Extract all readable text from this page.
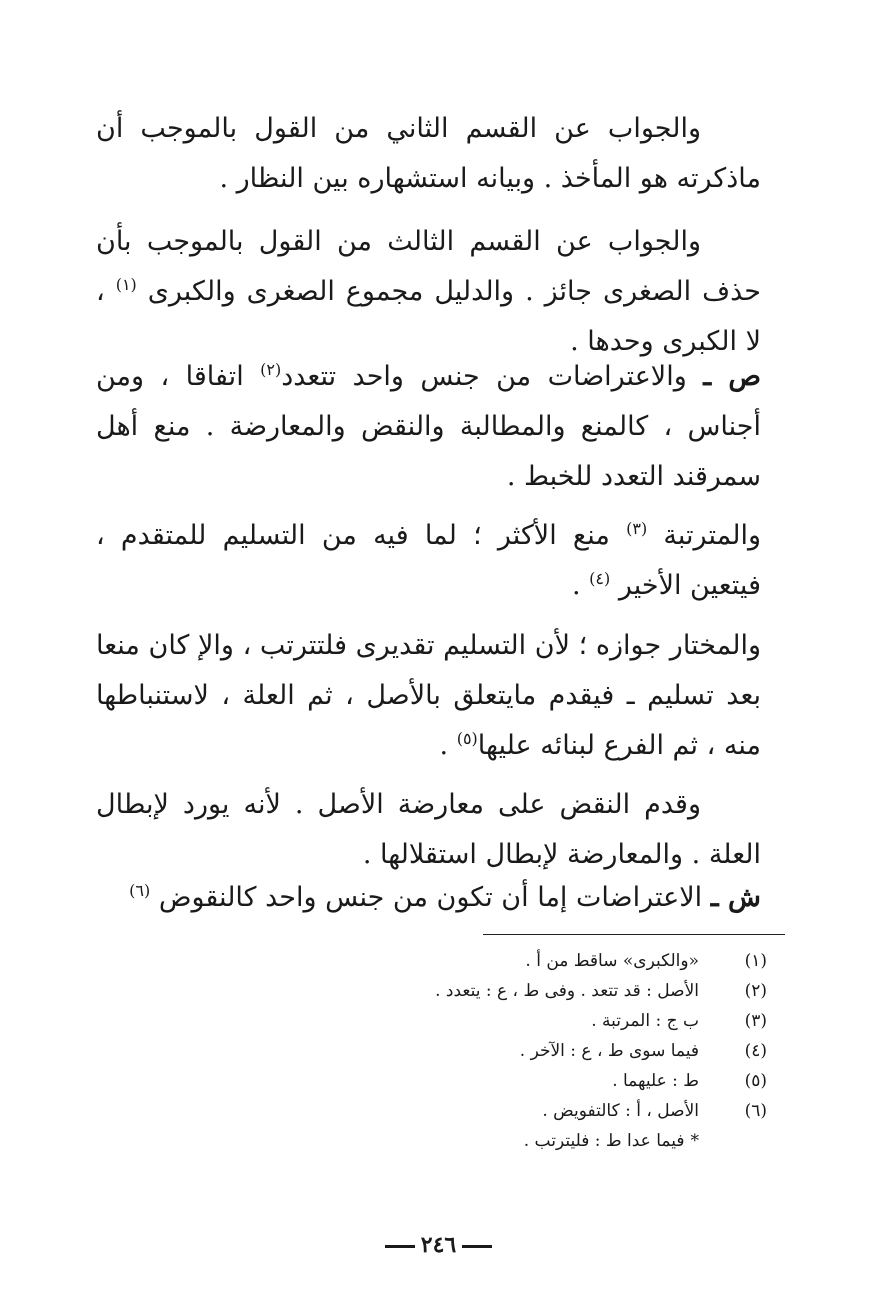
والجواب عن القسم الثاني من القول بالموجب أن ماذكرته هو المأخذ . وبيانه استشهاره بين النظار .

والجواب عن القسم الثالث من القول بالموجب بأن حذف الصغرى جائز . والدليل مجموع الصغرى والكبرى $^{(١)}$ ، لا الكبرى وحدها .

ص ـ والاعتراضات من جنس واحد تتعدد$^{(٢)}$ اتفاقا ، ومن أجناس ، كالمنع والمطالبة والنقض والمعارضة . منع أهل سمرقند التعدد للخبط .

والمترتبة $^{(٣)}$ منع الأكثر ؛ لما فيه من التسليم للمتقدم ، فيتعين الأخير $^{(٤)}$ .

والمختار جوازه ؛ لأن التسليم تقديرى فلتترتب ، والإ كان منعا بعد تسليم ـ فيقدم مايتعلق بالأصل ، ثم العلة ، لاستنباطها منه ، ثم الفرع لبنائه عليها$^{(٥)}$ .

وقدم النقض على معارضة الأصل . لأنه يورد لإبطال العلة . والمعارضة لإبطال استقلالها .

ش ـ الاعتراضات إما أن تكون من جنس واحد كالنقوض $^{(٦)}$

(١)
«والكبرى» ساقط من أ .
(٢)
الأصل : قد تتعد . وفى ط ، ع : يتعدد .
(٣)
ب ج : المرتبة .
(٤)
فيما سوى ط ، ع : الآخر .
(٥)
ط : عليهما .
(٦)
الأصل ، أ : كالتفويض .
*فيما عدا ط : فليترتب .
٢٤٦
